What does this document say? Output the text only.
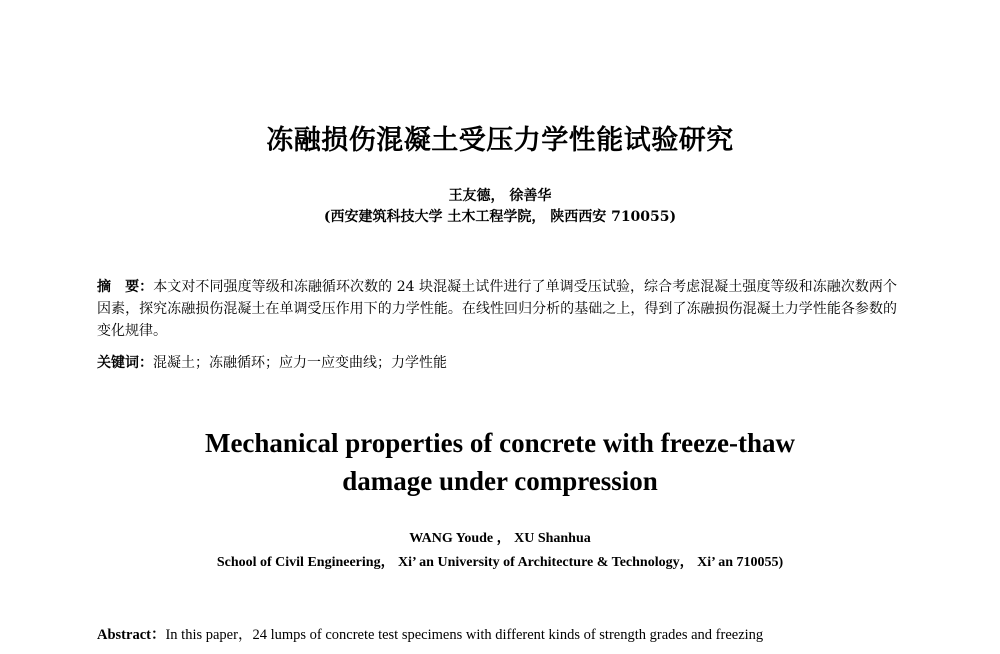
冻融损伤混凝土受压力学性能试验研究
王友德， 徐善华
(西安建筑科技大学 土木工程学院， 陕西西安 710055)
摘　要：本文对不同强度等级和冻融循环次数的 24 块混凝土试件进行了单调受压试验，综合考虑混凝土强度等级和冻融次数两个因素，探究冻融损伤混凝土在单调受压作用下的力学性能。在线性回归分析的基础之上，得到了冻融损伤混凝土力学性能各参数的变化规律。
关键词：混凝土；冻融循环；应力一应变曲线；力学性能
Mechanical properties of concrete with freeze-thaw
damage under compression
WANG Youde ， XU Shanhua
School of Civil Engineering， Xi’ an University of Architecture & Technology， Xi’ an 710055)
Abstract：In this paper，24 lumps of concrete test specimens with different kinds of strength grades and freezing
